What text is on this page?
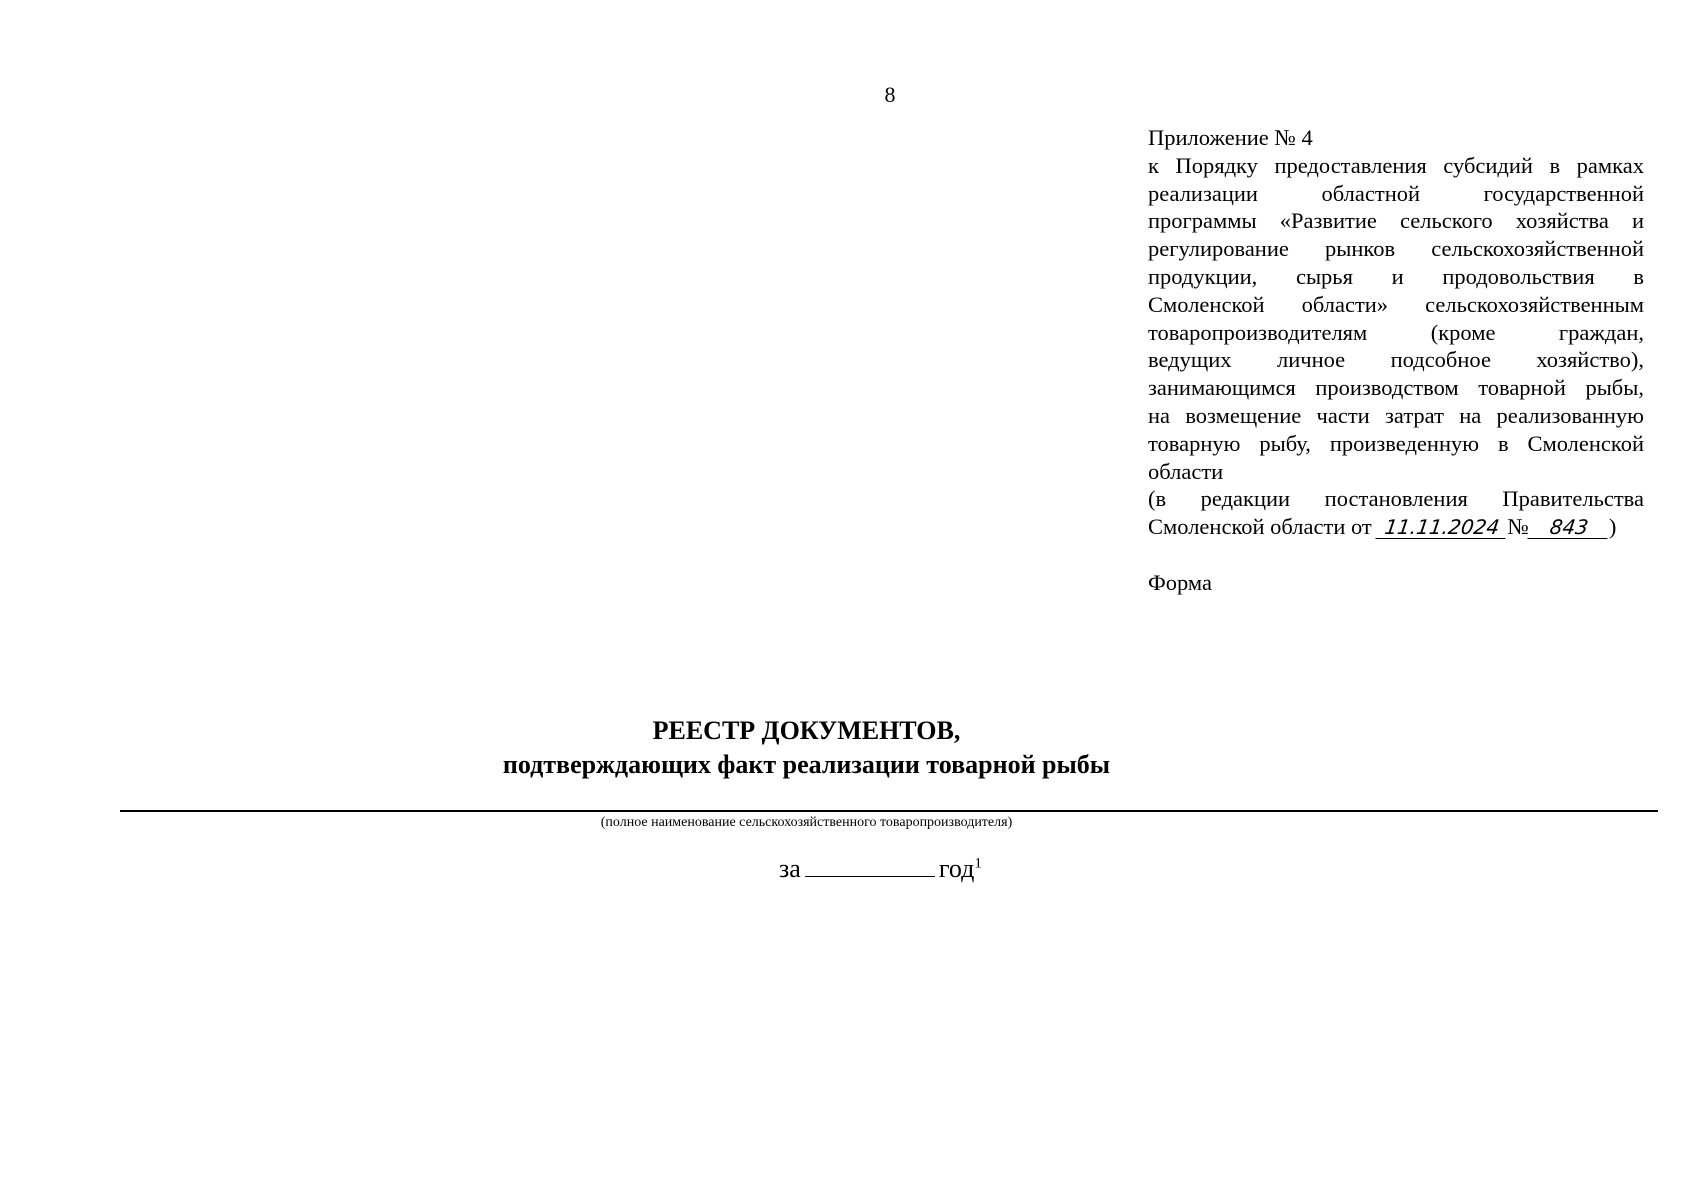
8
Приложение № 4
к Порядку предоставления субсидий в рамках
реализации областной государственной
программы «Развитие сельского хозяйства и
регулирование рынков сельскохозяйственной
продукции, сырья и продовольствия в
Смоленской области» сельскохозяйственным
товаропроизводителям (кроме граждан,
ведущих личное подсобное хозяйство),
занимающимся производством товарной рыбы,
на возмещение части затрат на реализованную
товарную рыбу, произведенную в Смоленской
области
(в редакции постановления Правительства
Смоленской области от 11.11.2024 № 843 )
Форма
РЕЕСТР ДОКУМЕНТОВ,
подтверждающих факт реализации товарной рыбы
(полное наименование сельскохозяйственного товаропроизводителя)
за	год$^1$
